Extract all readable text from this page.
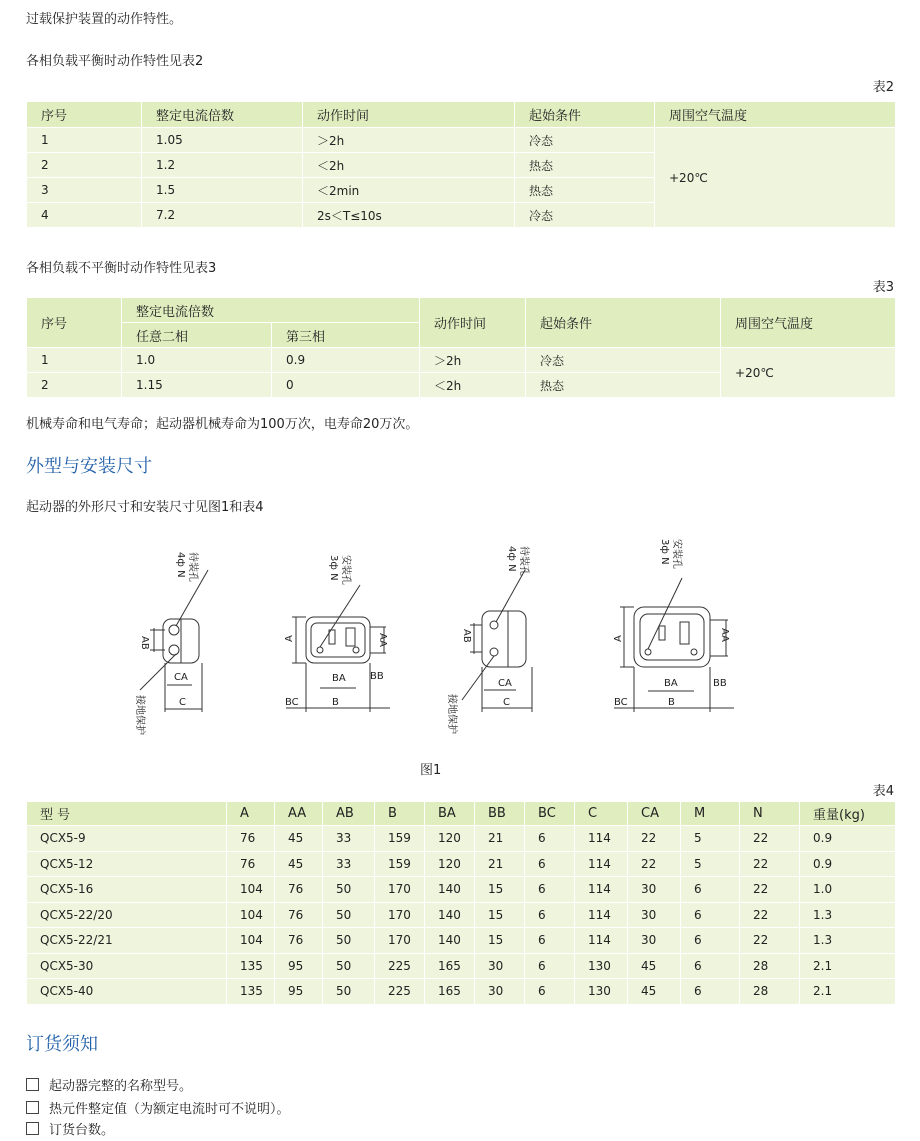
过载保护装置的动作特性。
各相负载平衡时动作特性见表2
表2
序号	整定电流倍数	动作时间	起始条件	周围空气温度
1	1.05	＞2h	冷态	+20℃
2	1.2	＜2h	热态	
3	1.5	＜2min	热态	
4	7.2	2s＜T≤10s	冷态	
各相负载不平衡时动作特性见表3
表3
序号	整定电流倍数		动作时间	起始条件	周围空气温度
	任意二相	第三相			
1	1.0	0.9	＞2h	冷态	+20℃
2	1.15	0	＜2h	热态	
机械寿命和电气寿命；起动器机械寿命为100万次，电寿命20万次。
外型与安装尺寸
起动器的外形尺寸和安装尺寸见图1和表4
4ф N 待装孔	3ф N 安装孔	4ф N 待装孔	3ф N 安装孔
接地保护	接地保护
AB
CA
C
A	AA
BA BB
BC	B
AB
CA
C
A	AA
BA	BB
BC	B
图1
表4
型 号	A	AA	AB	B	BA	BB	BC	C	CA	M	N	重量(kg)
QCX5-9	76	45	33	159	120	21	6	114	22	5	22	0.9
QCX5-12	76	45	33	159	120	21	6	114	22	5	22	0.9
QCX5-16	104	76	50	170	140	15	6	114	30	6	22	1.0
QCX5-22/20	104	76	50	170	140	15	6	114	30	6	22	1.3
QCX5-22/21	104	76	50	170	140	15	6	114	30	6	22	1.3
QCX5-30	135	95	50	225	165	30	6	130	45	6	28	2.1
QCX5-40	135	95	50	225	165	30	6	130	45	6	28	2.1
订货须知
起动器完整的名称型号。
热元件整定值（为额定电流时可不说明）。
订货台数。
